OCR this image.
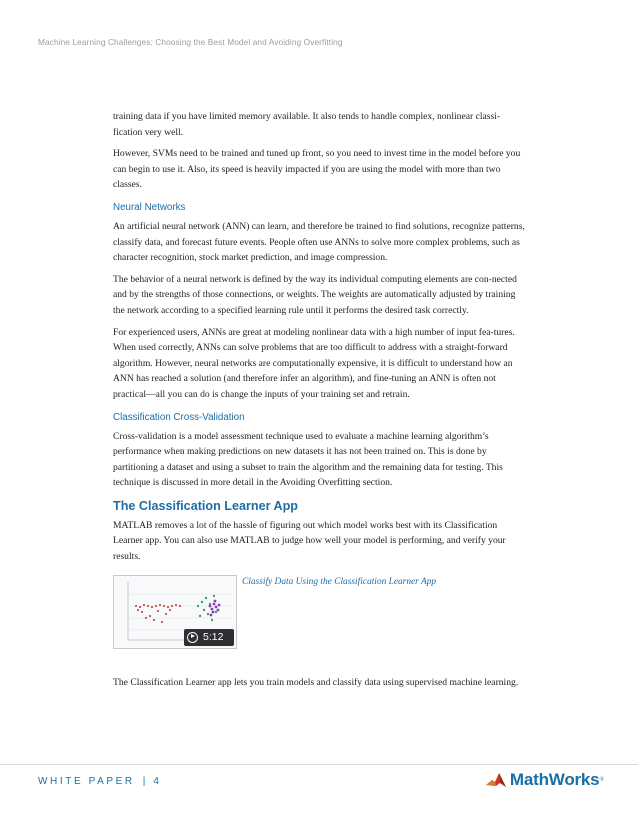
Machine Learning Challenges: Choosing the Best Model and Avoiding Overfitting

training data if you have limited memory available. It also tends to handle complex, nonlinear classi-fication very well.

However, SVMs need to be trained and tuned up front, so you need to invest time in the model before you can begin to use it. Also, its speed is heavily impacted if you are using the model with more than two classes.

Neural Networks

An artificial neural network (ANN) can learn, and therefore be trained to find solutions, recognize patterns, classify data, and forecast future events. People often use ANNs to solve more complex problems, such as character recognition, stock market prediction, and image compression.

The behavior of a neural network is defined by the way its individual computing elements are con-nected and by the strengths of those connections, or weights. The weights are automatically adjusted by training the network according to a specified learning rule until it performs the desired task correctly.

For experienced users, ANNs are great at modeling nonlinear data with a high number of input fea-tures. When used correctly, ANNs can solve problems that are too difficult to address with a straight-forward algorithm. However, neural networks are computationally expensive, it is difficult to understand how an ANN has reached a solution (and therefore infer an algorithm), and fine-tuning an ANN is often not practical—all you can do is change the inputs of your training set and retrain.

Classification Cross-Validation

Cross-validation is a model assessment technique used to evaluate a machine learning algorithm’s performance when making predictions on new datasets it has not been trained on. This is done by partitioning a dataset and using a subset to train the algorithm and the remaining data for testing. This technique is discussed in more detail in the Avoiding Overfitting section.

The Classification Learner App

MATLAB removes a lot of the hassle of figuring out which model works best with its Classification Learner app. You can also use MATLAB to judge how well your model is performing, and verify your results.

5:12
Classify Data Using the Classification Learner App

The Classification Learner app lets you train models and classify data using supervised machine learning.

WHITE PAPER | 4	MathWorks ®
